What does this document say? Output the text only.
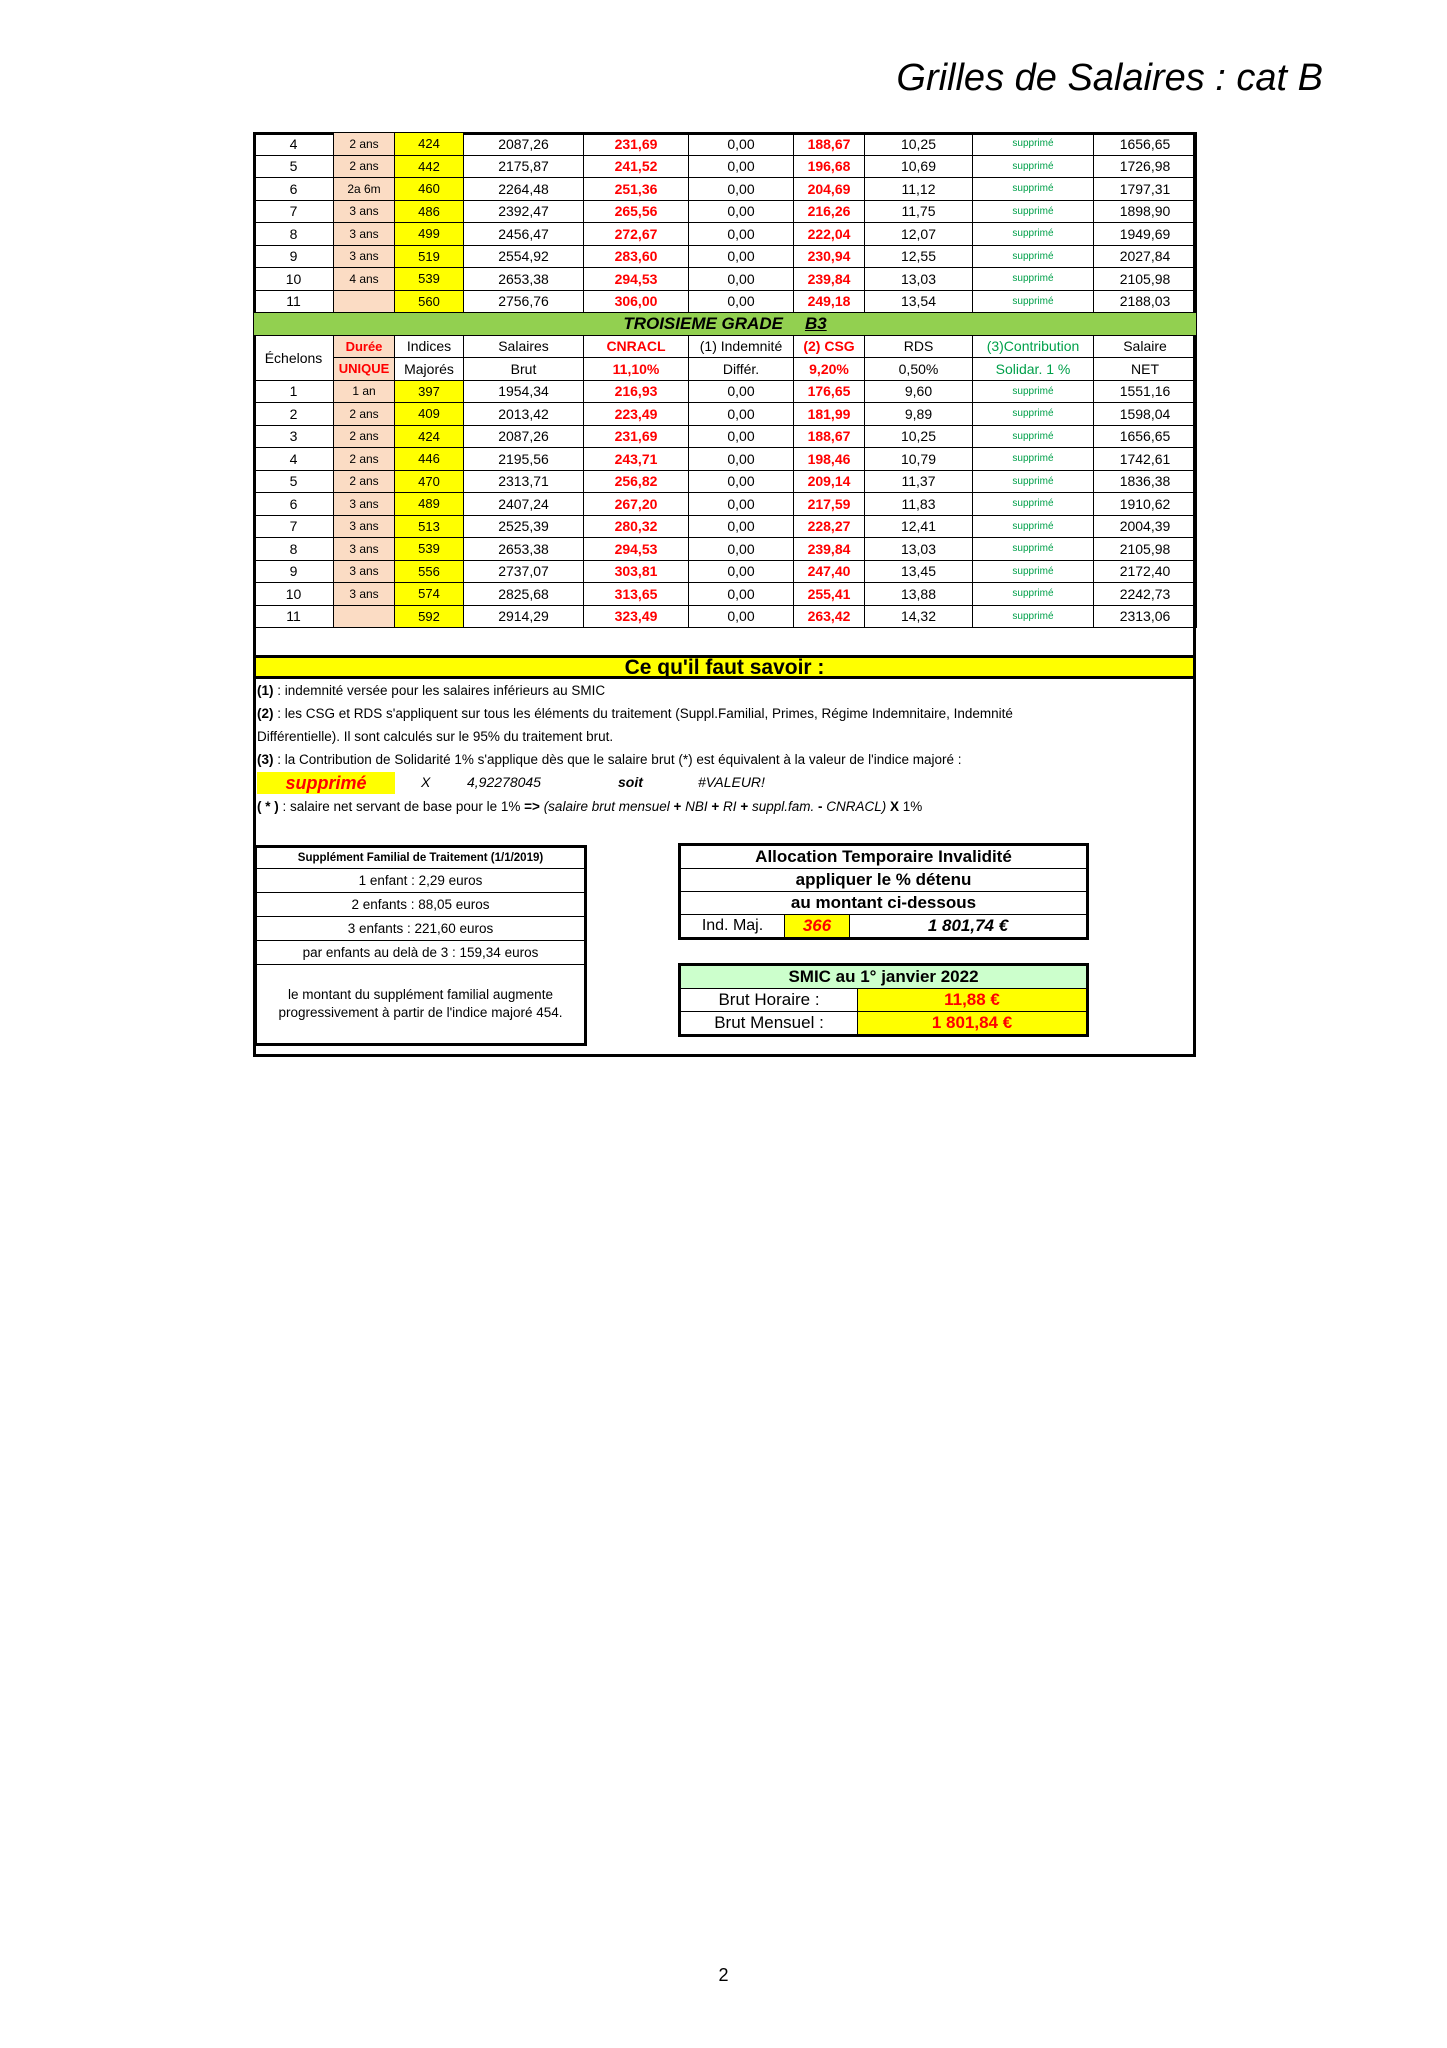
Grilles de Salaires : cat B
4	2 ans	424	2087,26	231,69	0,00	188,67	10,25	supprimé	1656,65
5	2 ans	442	2175,87	241,52	0,00	196,68	10,69	supprimé	1726,98
6	2a 6m	460	2264,48	251,36	0,00	204,69	11,12	supprimé	1797,31
7	3 ans	486	2392,47	265,56	0,00	216,26	11,75	supprimé	1898,90
8	3 ans	499	2456,47	272,67	0,00	222,04	12,07	supprimé	1949,69
9	3 ans	519	2554,92	283,60	0,00	230,94	12,55	supprimé	2027,84
10	4 ans	539	2653,38	294,53	0,00	239,84	13,03	supprimé	2105,98
11		560	2756,76	306,00	0,00	249,18	13,54	supprimé	2188,03
TROISIEME GRADE B3									
Échelons	Durée	Indices	Salaires	CNRACL	(1) Indemnité	(2) CSG	RDS	(3)Contribution	Salaire
	UNIQUE	Majorés	Brut	11,10%	Différ.	9,20%	0,50%	Solidar. 1 %	NET
1	1 an	397	1954,34	216,93	0,00	176,65	9,60	supprimé	1551,16
2	2 ans	409	2013,42	223,49	0,00	181,99	9,89	supprimé	1598,04
3	2 ans	424	2087,26	231,69	0,00	188,67	10,25	supprimé	1656,65
4	2 ans	446	2195,56	243,71	0,00	198,46	10,79	supprimé	1742,61
5	2 ans	470	2313,71	256,82	0,00	209,14	11,37	supprimé	1836,38
6	3 ans	489	2407,24	267,20	0,00	217,59	11,83	supprimé	1910,62
7	3 ans	513	2525,39	280,32	0,00	228,27	12,41	supprimé	2004,39
8	3 ans	539	2653,38	294,53	0,00	239,84	13,03	supprimé	2105,98
9	3 ans	556	2737,07	303,81	0,00	247,40	13,45	supprimé	2172,40
10	3 ans	574	2825,68	313,65	0,00	255,41	13,88	supprimé	2242,73
11		592	2914,29	323,49	0,00	263,42	14,32	supprimé	2313,06
Ce qu'il faut savoir :
(1) : indemnité versée pour les salaires inférieurs au SMIC
(2) : les CSG et RDS s'appliquent sur tous les éléments du traitement (Suppl.Familial, Primes, Régime Indemnitaire, Indemnité
Différentielle). Il sont calculés sur le 95% du traitement brut.
(3) : la Contribution de Solidarité 1% s'applique dès que le salaire brut (*) est équivalent à la valeur de l'indice majoré :
supprimé	X	4,92278045	soit	#VALEUR!
( * ) : salaire net servant de base pour le 1% => (salaire brut mensuel + NBI + RI + suppl.fam. - CNRACL) X 1%
Supplément Familial de Traitement (1/1/2019)
1 enfant : 2,29 euros
2 enfants : 88,05 euros
3 enfants : 221,60 euros
par enfants au delà de 3 : 159,34 euros
le montant du supplément familial augmente
progressivement à partir de l'indice majoré 454.
Allocation Temporaire Invalidité
appliquer le % détenu
au montant ci-dessous
Ind. Maj.	366	1 801,74 €
SMIC au 1° janvier 2022	
Brut Horaire :	11,88 €
Brut Mensuel :	1 801,84 €
2
